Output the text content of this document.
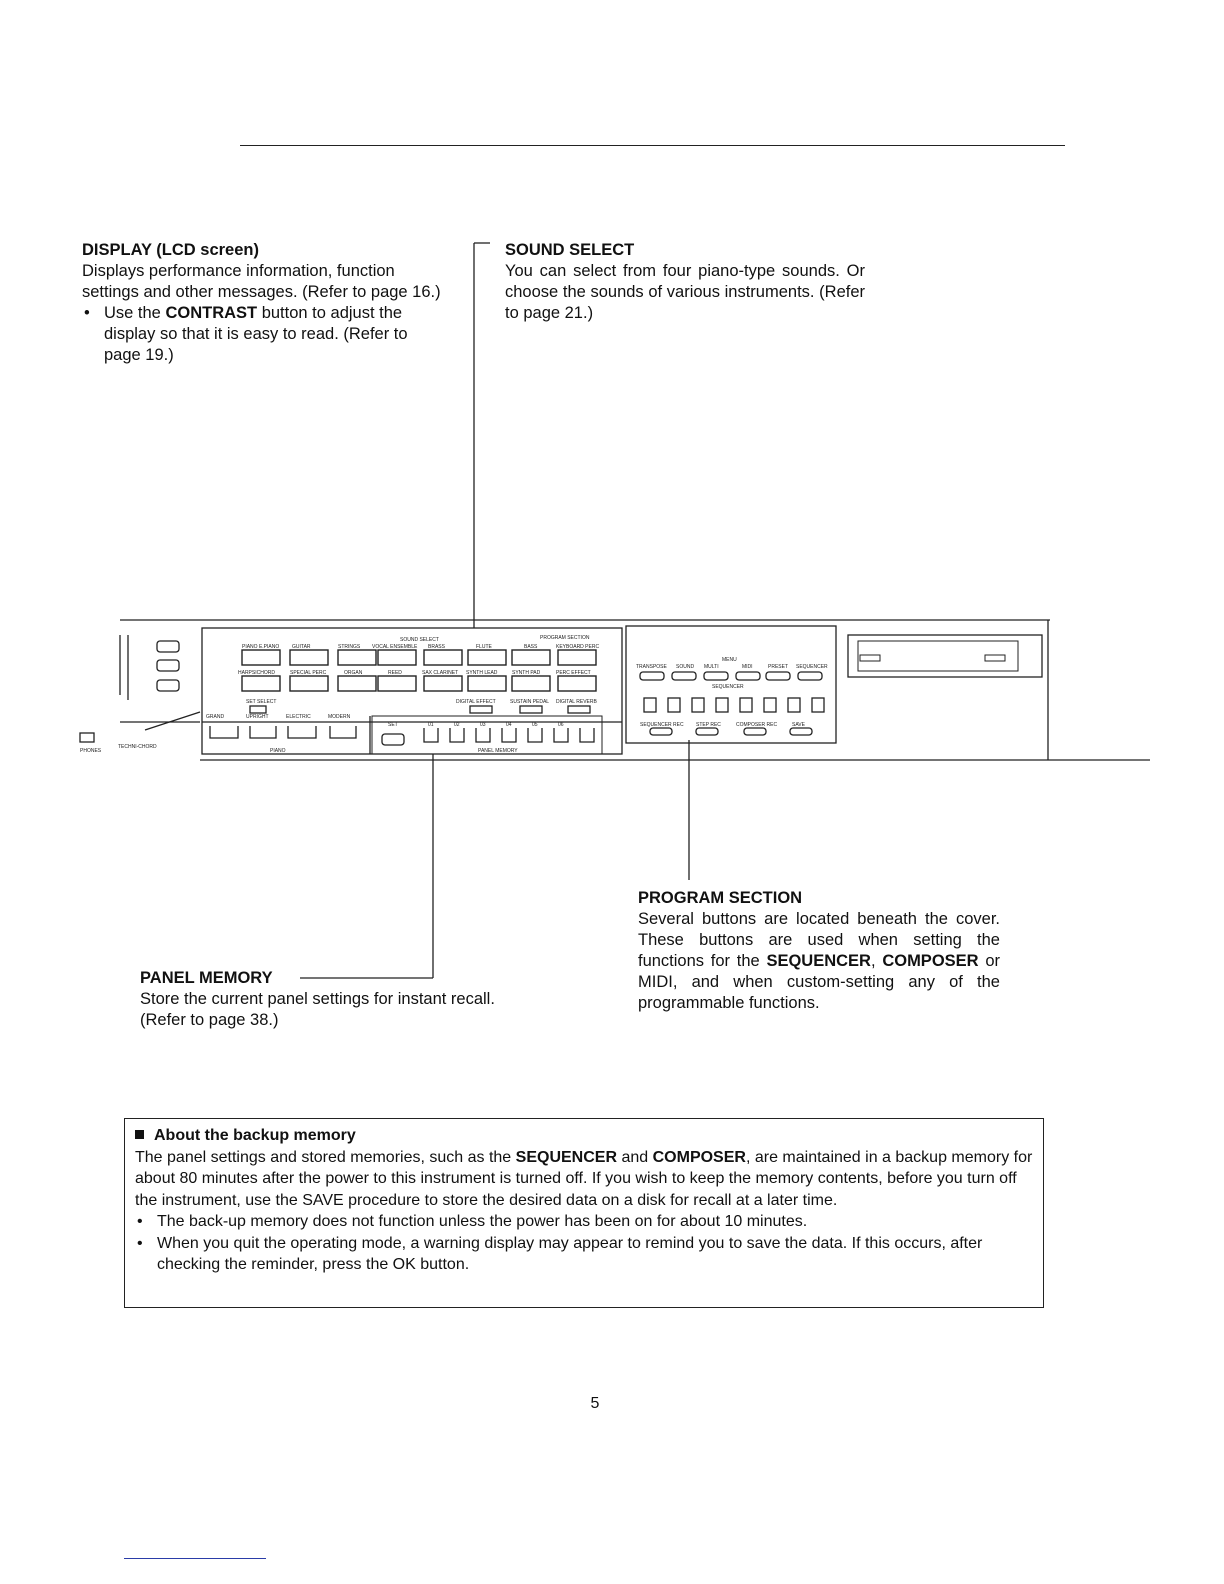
DISPLAY (LCD screen)

Displays performance information, function settings and other messages. (Refer to page 16.)

• Use the CONTRAST button to adjust the display so that it is easy to read. (Refer to page 19.)

SOUND SELECT

You can select from four piano-type sounds. Or choose the sounds of various instruments. (Refer to page 21.)

SOUND SELECT	PROGRAM SECTION
PIANO E.PIANO	GUITAR	STRINGS VOCAL ENSEMBLE BRASS	FLUTE	BASS	KEYBOARD PERC
HARPSICHORD	SPECIAL PERC	ORGAN	REED	SAX CLARINET SYNTH LEAD	SYNTH PAD	PERC EFFECT
SET SELECT	DIGITAL EFFECT	SUSTAIN PEDAL DIGITAL REVERB
GRAND	UPRIGHT	ELECTRIC	MODERN
PIANO
SET	01	02	03	04	05	06
PANEL MEMORY
TRANSPOSE SOUND MULTI	MIDI	PRESET SEQUENCER
MENU
SEQUENCER
SEQUENCER REC STEP REC	COMPOSER REC	SAVE
PHONES
TECHNI-CHORD
PROGRAM SECTION

Several buttons are located beneath the cover. These buttons are used when setting the functions for the SEQUENCER, COMPOSER or MIDI, and when custom-setting any of the programmable functions.

PANEL MEMORY

Store the current panel settings for instant recall. (Refer to page 38.)

About the backup memory

The panel settings and stored memories, such as the SEQUENCER and COMPOSER, are maintained in a backup memory for about 80 minutes after the power to this instrument is turned off. If you wish to keep the memory contents, before you turn off the instrument, use the SAVE procedure to store the desired data on a disk for recall at a later time.

• The back-up memory does not function unless the power has been on for about 10 minutes.

• When you quit the operating mode, a warning display may appear to remind you to save the data. If this occurs, after checking the reminder, press the OK button.

5
